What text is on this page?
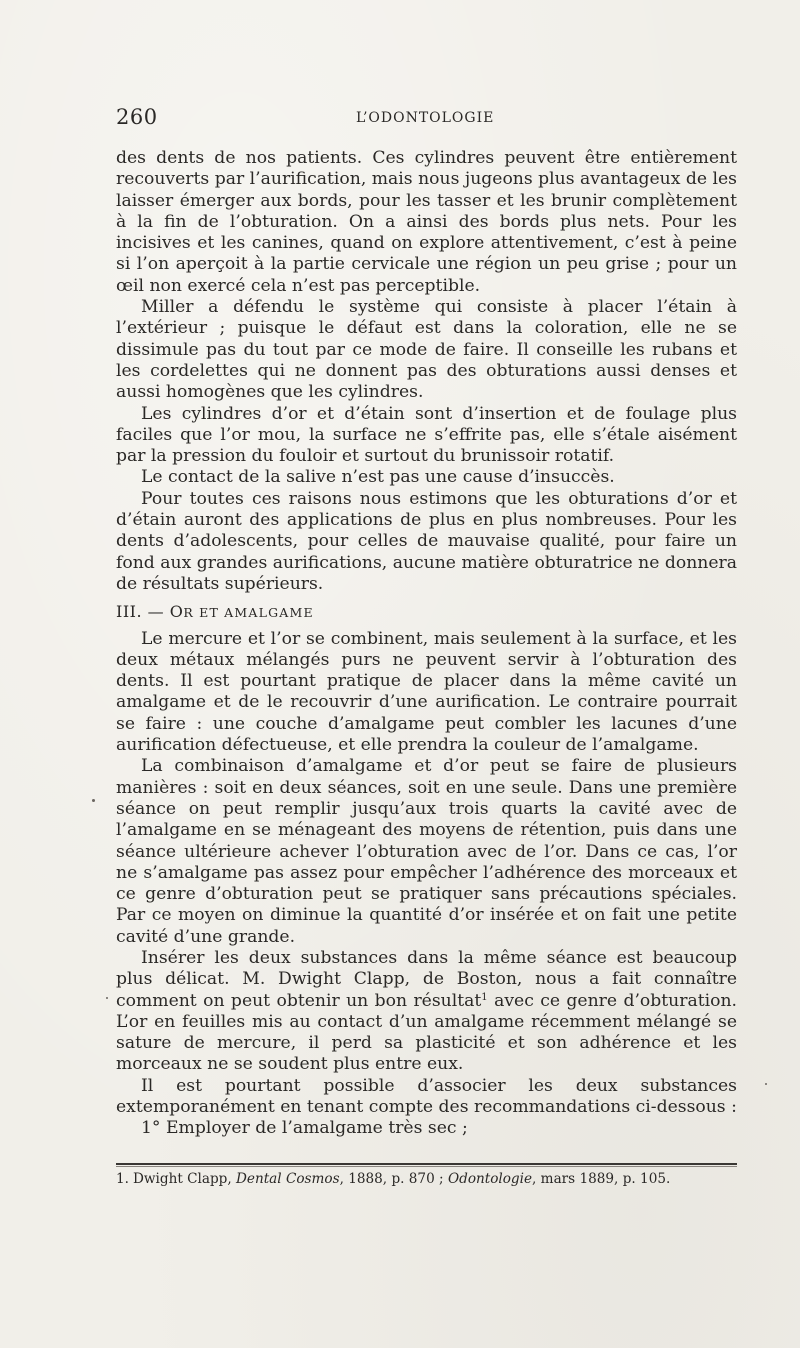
260	L’ODONTOLOGIE

des dents de nos patients. Ces cylindres peuvent être entièrement recouverts par l’aurification, mais nous jugeons plus avantageux de les laisser émerger aux bords, pour les tasser et les brunir complètement à la fin de l’obturation. On a ainsi des bords plus nets. Pour les incisives et les canines, quand on explore attentivement, c’est à peine si l’on aperçoit à la partie cervicale une région un peu grise ; pour un œil non exercé cela n’est pas perceptible.

Miller a défendu le système qui consiste à placer l’étain à l’extérieur ; puisque le défaut est dans la coloration, elle ne se dissimule pas du tout par ce mode de faire. Il conseille les rubans et les cordelettes qui ne donnent pas des obturations aussi denses et aussi homogènes que les cylindres.

Les cylindres d’or et d’étain sont d’insertion et de foulage plus faciles que l’or mou, la surface ne s’effrite pas, elle s’étale aisément par la pression du fouloir et surtout du brunissoir rotatif.

Le contact de la salive n’est pas une cause d’insuccès.

Pour toutes ces raisons nous estimons que les obturations d’or et d’étain auront des applications de plus en plus nombreuses. Pour les dents d’adolescents, pour celles de mauvaise qualité, pour faire un fond aux grandes aurifications, aucune matière obturatrice ne donnera de résultats supérieurs.

III. — OR ET AMALGAME

Le mercure et l’or se combinent, mais seulement à la surface, et les deux métaux mélangés purs ne peuvent servir à l’obturation des dents. Il est pourtant pratique de placer dans la même cavité un amalgame et de le recouvrir d’une aurification. Le contraire pourrait se faire : une couche d’amalgame peut combler les lacunes d’une aurification défectueuse, et elle prendra la couleur de l’amalgame.

La combinaison d’amalgame et d’or peut se faire de plusieurs manières : soit en deux séances, soit en une seule. Dans une première séance on peut remplir jusqu’aux trois quarts la cavité avec de l’amalgame en se ménageant des moyens de rétention, puis dans une séance ultérieure achever l’obturation avec de l’or. Dans ce cas, l’or ne s’amalgame pas assez pour empêcher l’adhérence des morceaux et ce genre d’obturation peut se pratiquer sans précautions spéciales. Par ce moyen on diminue la quantité d’or insérée et on fait une petite cavité d’une grande.

Insérer les deux substances dans la même séance est beaucoup plus délicat. M. Dwight Clapp, de Boston, nous a fait connaître comment on peut obtenir un bon résultat$^1$ avec ce genre d’obturation. L’or en feuilles mis au contact d’un amalgame récemment mélangé se sature de mercure, il perd sa plasticité et son adhérence et les morceaux ne se soudent plus entre eux.

Il est pourtant possible d’associer les deux substances extemporanément en tenant compte des recommandations ci-dessous :

1° Employer de l’amalgame très sec ;

1. Dwight Clapp, Dental Cosmos, 1888, p. 870 ; Odontologie, mars 1889, p. 105.
